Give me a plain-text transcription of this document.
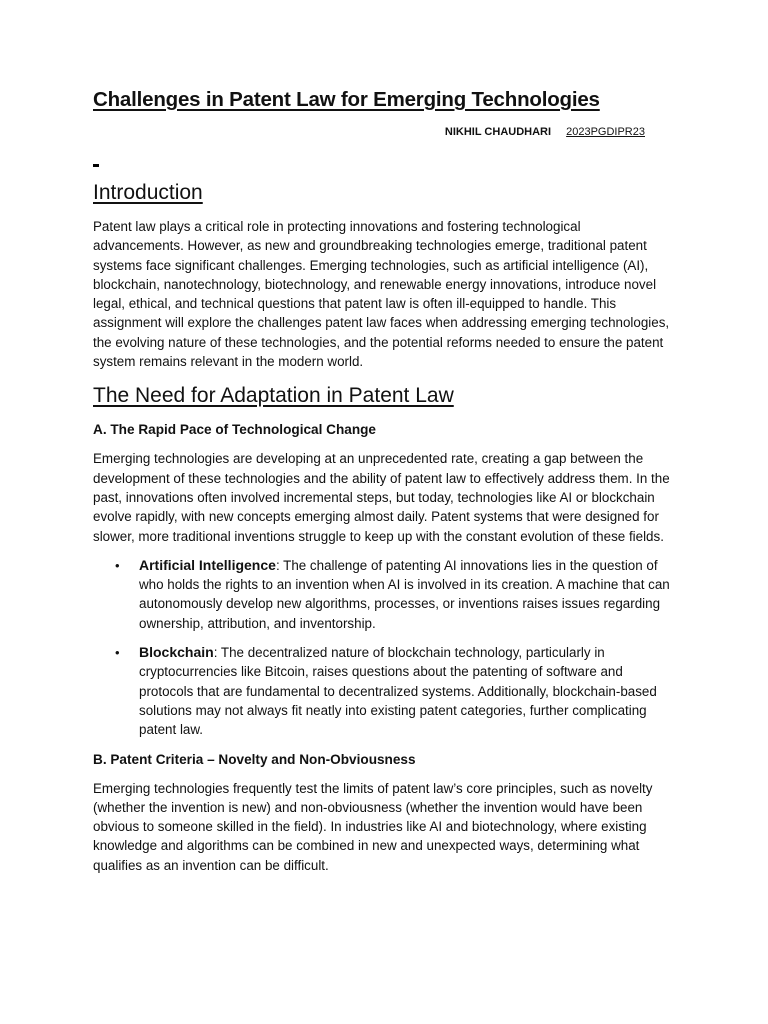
Challenges in Patent Law for Emerging Technologies
NIKHIL CHAUDHARI 2023PGDIPR23
Introduction

Patent law plays a critical role in protecting innovations and fostering technological advancements. However, as new and groundbreaking technologies emerge, traditional patent systems face significant challenges. Emerging technologies, such as artificial intelligence (AI), blockchain, nanotechnology, biotechnology, and renewable energy innovations, introduce novel legal, ethical, and technical questions that patent law is often ill-equipped to handle. This assignment will explore the challenges patent law faces when addressing emerging technologies, the evolving nature of these technologies, and the potential reforms needed to ensure the patent system remains relevant in the modern world.

The Need for Adaptation in Patent Law
A. The Rapid Pace of Technological Change

Emerging technologies are developing at an unprecedented rate, creating a gap between the development of these technologies and the ability of patent law to effectively address them. In the past, innovations often involved incremental steps, but today, technologies like AI or blockchain evolve rapidly, with new concepts emerging almost daily. Patent systems that were designed for slower, more traditional inventions struggle to keep up with the constant evolution of these fields.

• Artificial Intelligence: The challenge of patenting AI innovations lies in the question of who holds the rights to an invention when AI is involved in its creation. A machine that can autonomously develop new algorithms, processes, or inventions raises issues regarding ownership, attribution, and inventorship.
• Blockchain: The decentralized nature of blockchain technology, particularly in cryptocurrencies like Bitcoin, raises questions about the patenting of software and protocols that are fundamental to decentralized systems. Additionally, blockchain-based solutions may not always fit neatly into existing patent categories, further complicating patent law.
B. Patent Criteria – Novelty and Non-Obviousness

Emerging technologies frequently test the limits of patent law’s core principles, such as novelty (whether the invention is new) and non-obviousness (whether the invention would have been obvious to someone skilled in the field). In industries like AI and biotechnology, where existing knowledge and algorithms can be combined in new and unexpected ways, determining what qualifies as an invention can be difficult.
